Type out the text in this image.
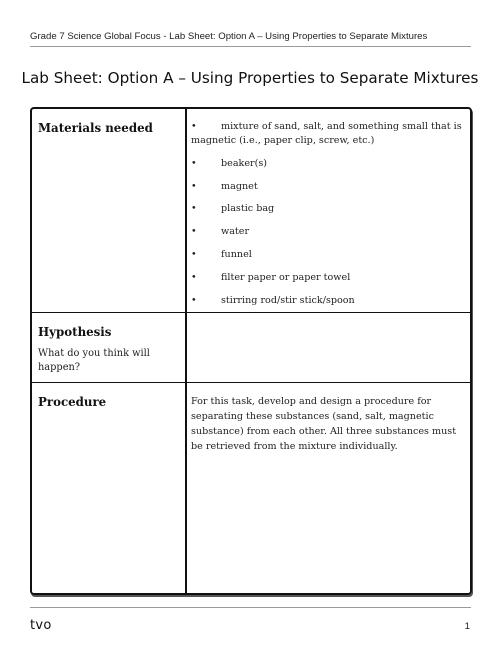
Grade 7 Science Global Focus - Lab Sheet: Option A – Using Properties to Separate Mixtures
Lab Sheet: Option A – Using Properties to Separate Mixtures
Materials needed	•	mixture of sand, salt, and something small that is magnetic (i.e., paper clip, screw, etc.)
•	beaker(s)
•	magnet
•	plastic bag
•	water
•	funnel
•	filter paper or paper towel
•	stirring rod/stir stick/spoon
Hypothesis
What do you think will happen?
Procedure	For this task, develop and design a procedure for separating these substances (sand, salt, magnetic substance) from each other. All three substances must be retrieved from the mixture individually.
tvo	1
